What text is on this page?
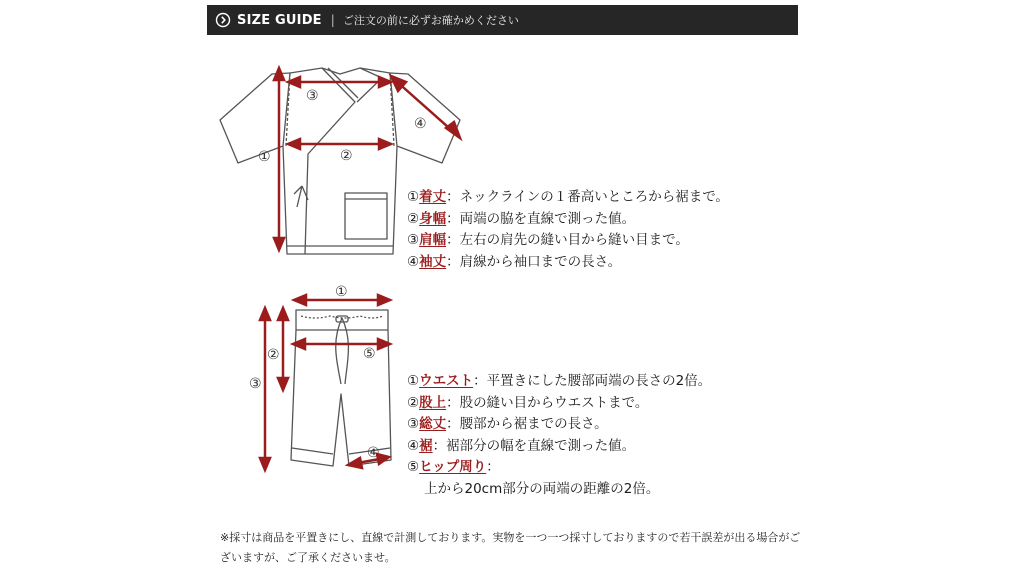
SIZE GUIDE | ご注文の前に必ずお確かめください
①	②
③
④
①着丈：ネックラインの１番高いところから裾まで。
②身幅：両端の脇を直線で測った値。
③肩幅：左右の肩先の縫い目から縫い目まで。
④袖丈：肩線から袖口までの長さ。
①
②
③
④
⑤
①ウエスト：平置きにした腰部両端の長さの2倍。
②股上：股の縫い目からウエストまで。
③総丈：腰部から裾までの長さ。
④裾：裾部分の幅を直線で測った値。
⑤ヒップ周り：
上から20cm部分の両端の距離の2倍。
※採寸は商品を平置きにし、直線で計測しております。実物を一つ一つ採寸しておりますので若干誤差が出る場合がございますが、ご了承くださいませ。
